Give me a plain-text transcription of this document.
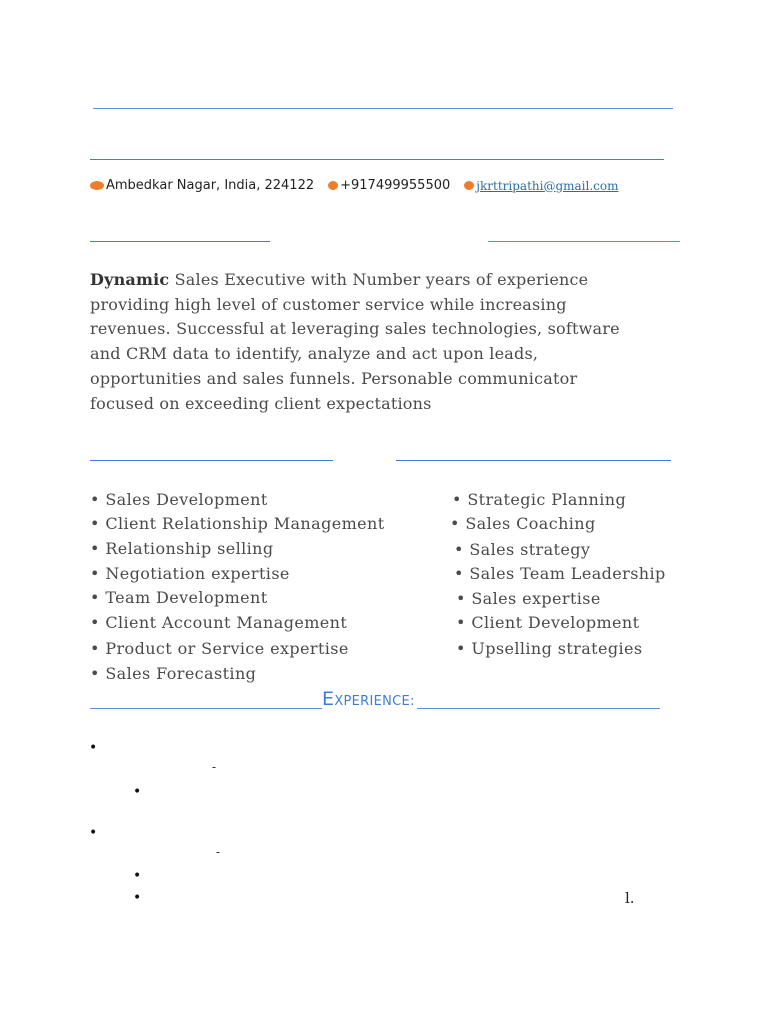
Ambedkar Nagar, India, 224122 +917499955500 jkrttripathi@gmail.com
Dynamic Sales Executive with Number years of experience
providing high level of customer service while increasing
revenues. Successful at leveraging sales technologies, software
and CRM data to identify, analyze and act upon leads,
opportunities and sales funnels. Personable communicator
focused on exceeding client expectations
• Sales Development
• Client Relationship Management
• Relationship selling
• Negotiation expertise
• Team Development
• Client Account Management
• Product or Service expertise
• Sales Forecasting
• Strategic Planning
• Sales Coaching
• Sales strategy
• Sales Team Leadership
• Sales expertise
• Client Development
• Upselling strategies
EXPERIENCE:
•
-
•
•
-
•
•	l.
